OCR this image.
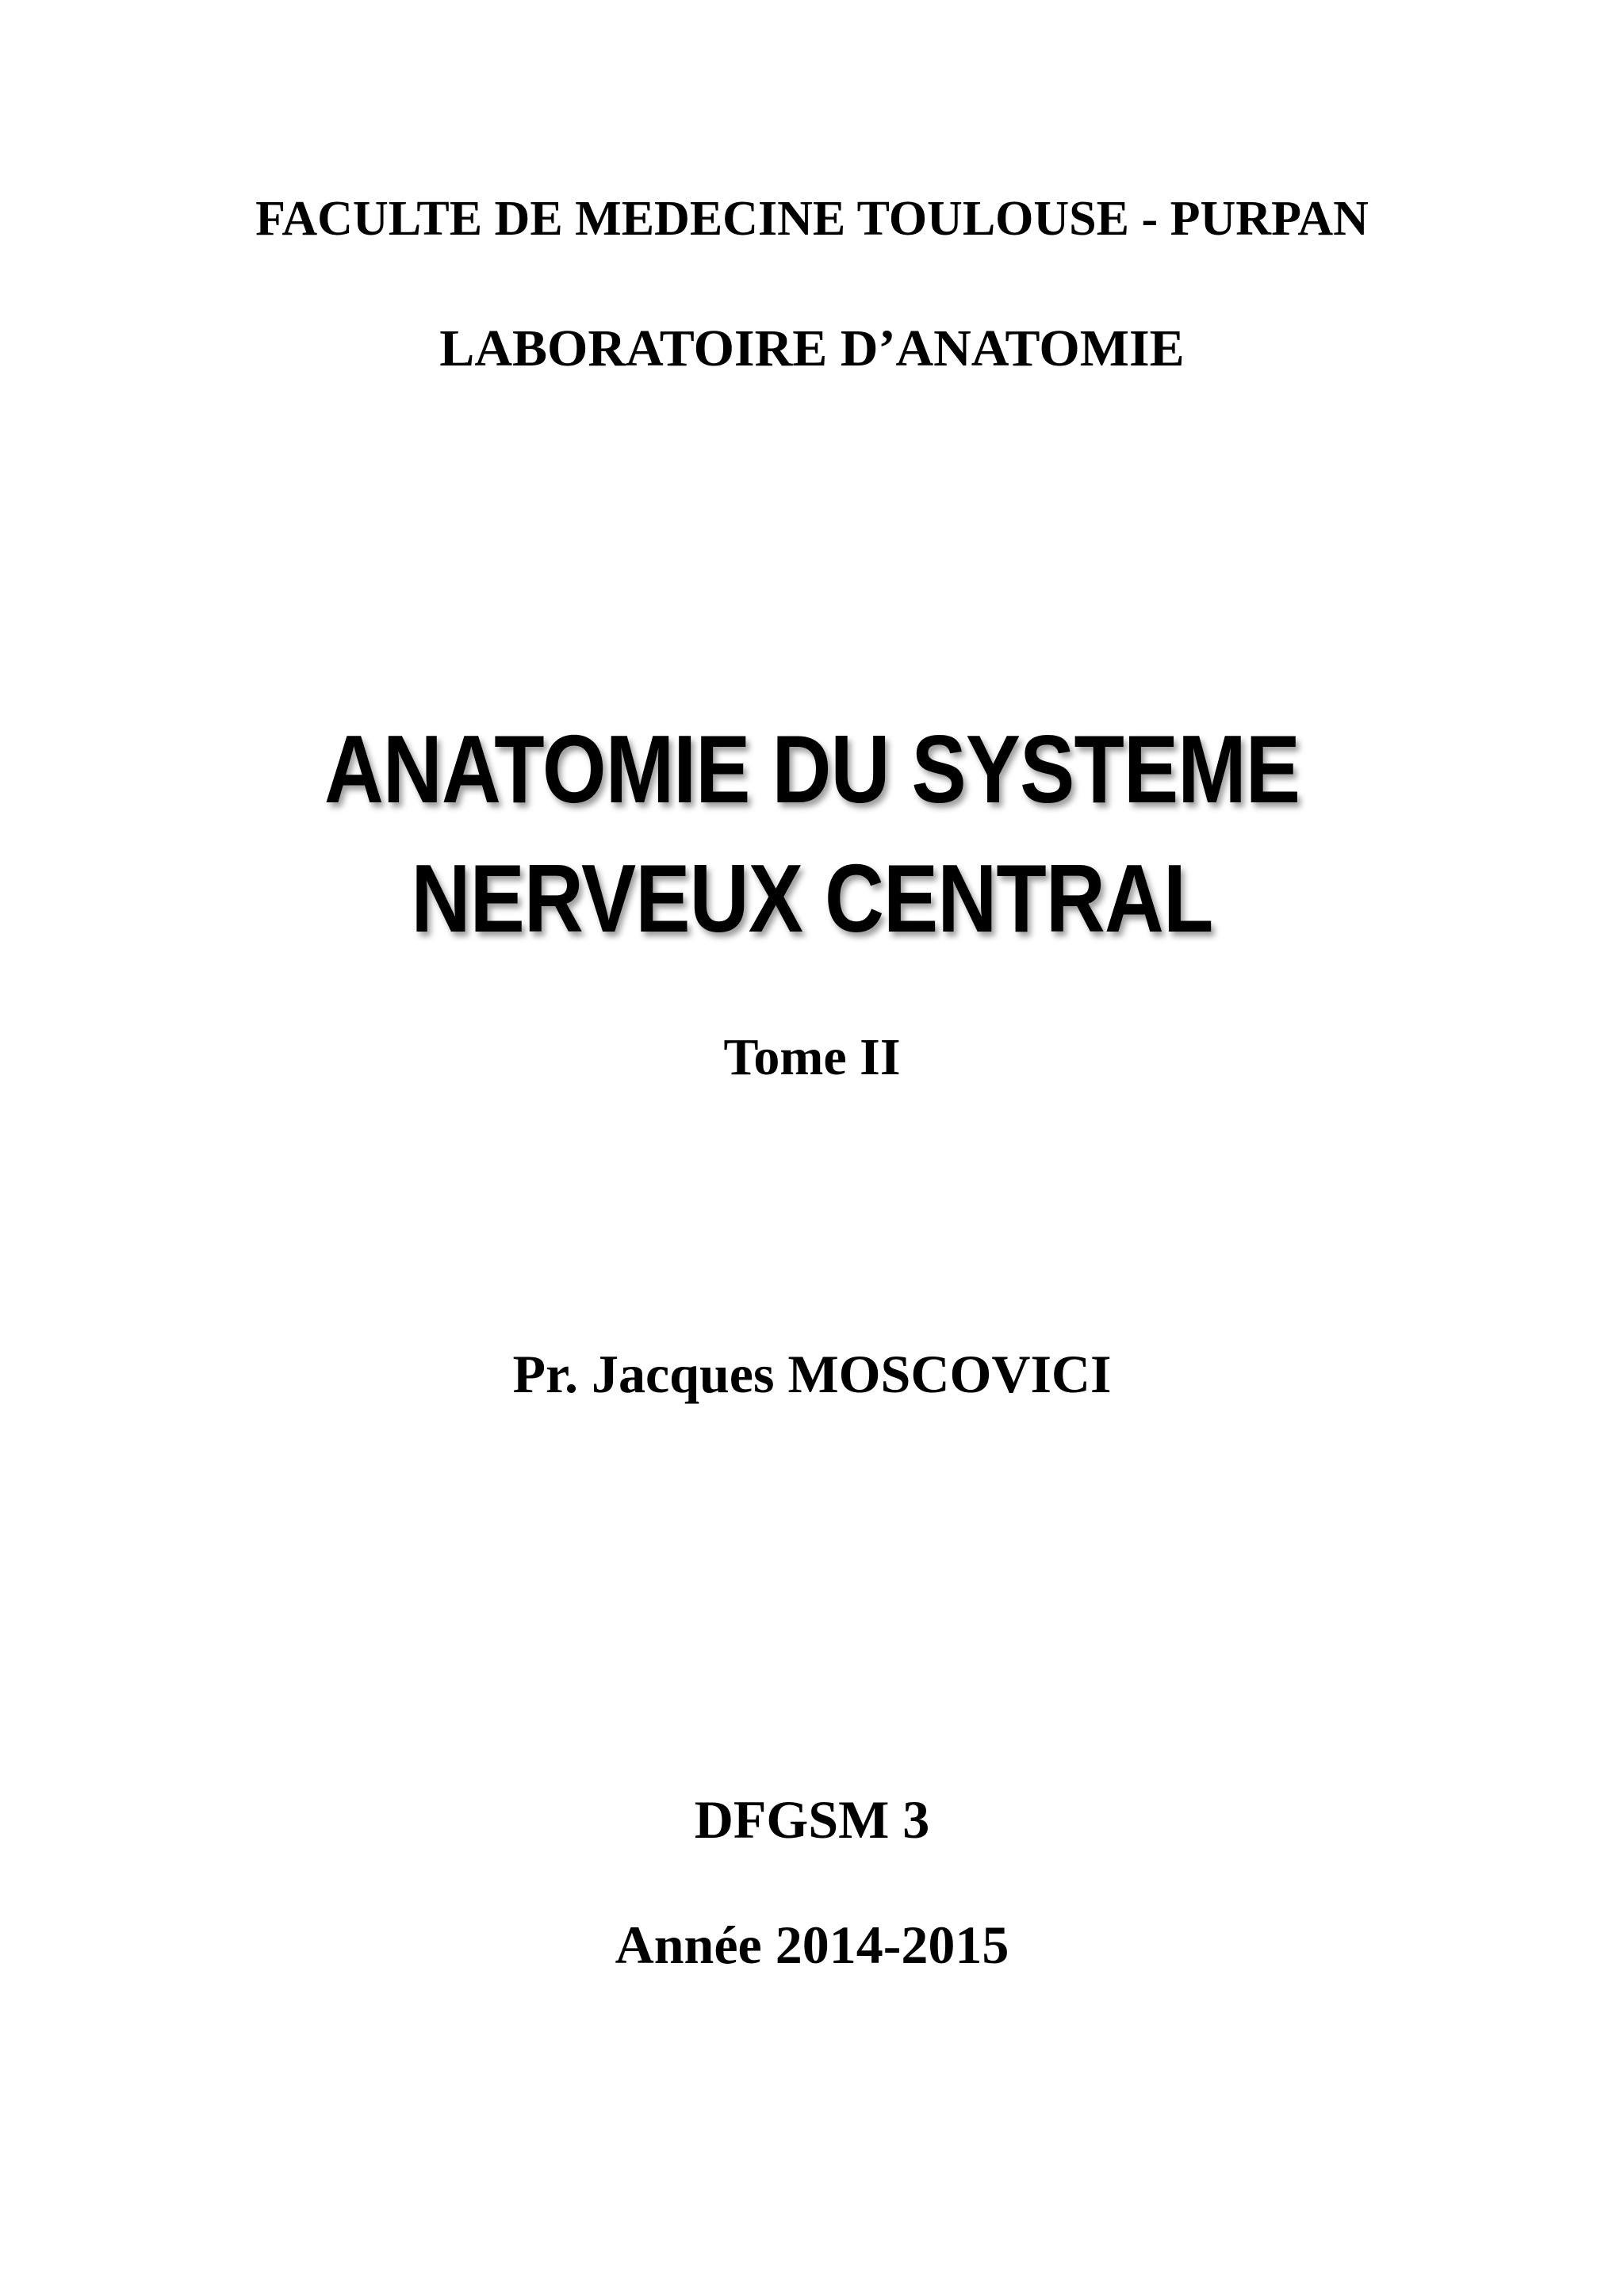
FACULTE DE MEDECINE TOULOUSE - PURPAN
LABORATOIRE D’ANATOMIE
ANATOMIE DU SYSTEME
NERVEUX CENTRAL
Tome II
Pr. Jacques MOSCOVICI
DFGSM 3
Année 2014-2015
